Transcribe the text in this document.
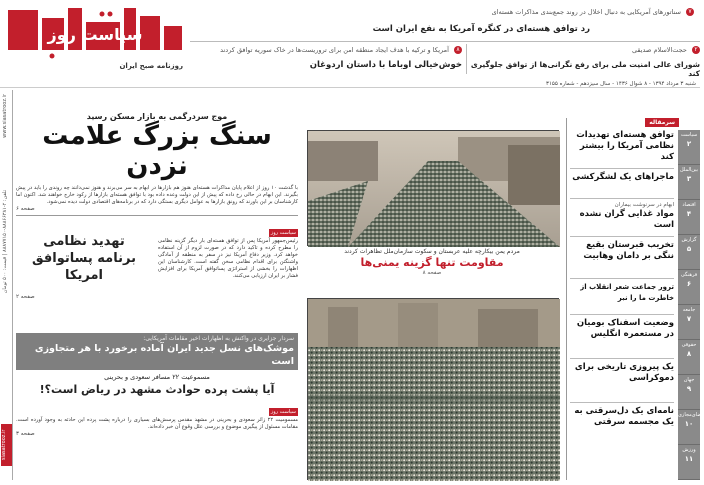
سیاست روز
روزنامه صبح ایران
شنبه ۳ مرداد ۱۳۹۴ - ۸ شوال ۱۴۳۶ - سال سیزدهم - شماره ۳۱۵۵
۷ سناتورهای آمریکایی به دنبال اخلال در روند جمع‌بندی مذاکرات هسته‌ای
رد توافق هسته‌ای در کنگره آمریکا به نفع ایران است
۸ آمریکا و ترکیه با هدف ایجاد منطقه امن برای تروریست‌ها در خاک سوریه توافق کردند
خوش‌خیالی اوباما با داستان اردوغان
۲ حجت‌الاسلام صدیقی
شورای عالی امنیت ملی برای رفع نگرانی‌ها از توافق جلوگیری کند
www.siasatrooz.ir
تلفن: ۲-۸۸۸۶۶۳۸۱-۸۸۸۷۷۱۵۰ | قیمت: ۵۰۰ تومان
siasatrooz.ir
موج سردرگمی به بازار مسکن رسید
سنگ بزرگ علامت نزدن
با گذشت ۱۰ روز از اعلام پایان مذاکرات هسته‌ای هنوز هم بازارها در ابهام به سر می‌برند و هنوز نمی‌دانند چه روندی را باید در پیش بگیرند. این ابهام در حالی رخ داده که پیش از این دولت وعده داده بود با توافق هسته‌ای بازارها از رکود خارج خواهند شد. اکنون اما کارشناسان بر این باورند که رونق بازارها به عوامل دیگری بستگی دارد که در برنامه‌های اقتصادی دولت دیده نمی‌شود.
صفحه ۶
سیاست روز
رئیس‌جمهور آمریکا پس از توافق هسته‌ای بار دیگر گزینه نظامی را مطرح کرده و تاکید دارد که در صورت لزوم از آن استفاده خواهد کرد. وزیر دفاع آمریکا نیز در سفر به منطقه از آمادگی واشنگتن برای اقدام نظامی سخن گفته است. کارشناسان این اظهارات را بخشی از استراتژی پساتوافق آمریکا برای افزایش فشار بر ایران ارزیابی می‌کنند.
تهدید نظامی
برنامه پساتوافق امریکا
صفحه ۲
سردار جزایری در واکنش به اظهارات اخیر مقامات آمریکایی:
موشک‌های نسل جدید ایران آماده برخورد با هر متجاوزی است
مسموعیت ۲۲ مسافر سعودی و بحرینی
آیا پشت پرده حوادث مشهد در ریاض است؟!
سیاست روز
مسمومیت ۲۲ زائر سعودی و بحرینی در مشهد مقدس پرسش‌های بسیاری را درباره پشت پرده این حادثه به وجود آورده است. مقامات مسئول از پیگیری موضوع و بررسی علل وقوع آن خبر داده‌اند.
صفحه ۳
مردم یمن بیکارچه علیه عربستان و سکوت سازمان‌ملل تظاهرات کردند
مقاومت تنها گزینه یمنی‌ها
صفحه ۸
سرمقاله
سیاست
۲
بین‌الملل
۳
اقتصاد
۴
گزارش
۵
فرهنگی
۶
جامعه
۷
حقوقی
۸
جهان
۹
فضای‌مجازی
۱۰
ورزش
۱۱
توافق هسته‌ای تهدیدات نظامی آمریکا را بیشتر کند
ماجراهای یک لشگرکشی
ابهام در سرنوشت بیماران
مواد غذایی گران نشده است
تخریب قبرستان بقیع ننگی بر دامان وهابیت
ترور جماعت شعر انقلاب از خاطرت ما را نبر
وضعیت اسفناک بومیان در مستعمره انگلیس
یک پیروزی تاریخی برای دموکراسی
نامه‌ای یک دل‌سرقتی به یک مجسمه سرقتی
